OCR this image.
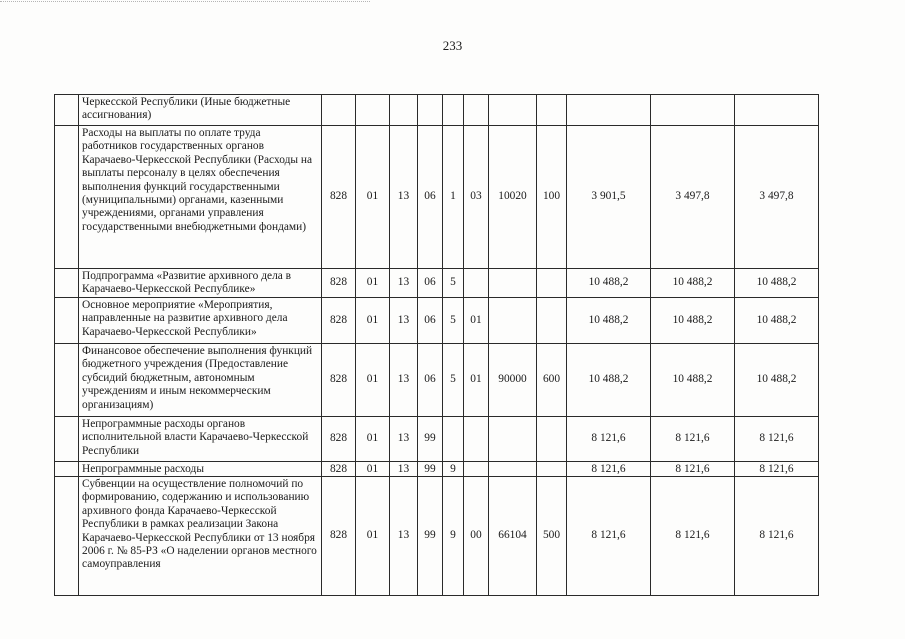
233
	Черкесской Республики (Иные бюджетные ассигнования)											
	Расходы на выплаты по оплате труда работников государственных органов Карачаево-Черкесской Республики (Расходы на выплаты персоналу в целях обеспечения выполнения функций государственными (муниципальными) органами, казенными учреждениями, органами управления государственными внебюджетными фондами)	828	01	13	06	1	03	10020	100	3 901,5	3 497,8	3 497,8
	Подпрограмма «Развитие архивного дела в Карачаево-Черкесской Республике»	828	01	13	06	5				10 488,2	10 488,2	10 488,2
	Основное мероприятие «Мероприятия, направленные на развитие архивного дела Карачаево-Черкесской Республики»	828	01	13	06	5	01			10 488,2	10 488,2	10 488,2
	Финансовое обеспечение выполнения функций бюджетного учреждения (Предоставление субсидий бюджетным, автономным учреждениям и иным некоммерческим организациям)	828	01	13	06	5	01	90000	600	10 488,2	10 488,2	10 488,2
	Непрограммные расходы органов исполнительной власти Карачаево-Черкесской Республики	828	01	13	99					8 121,6	8 121,6	8 121,6
	Непрограммные расходы	828	01	13	99	9				8 121,6	8 121,6	8 121,6
	Субвенции на осуществление полномочий по формированию, содержанию и использованию архивного фонда Карачаево-Черкесской Республики в рамках реализации Закона Карачаево-Черкесской Республики от 13 ноября 2006 г. № 85-РЗ «О наделении органов местного самоуправления	828	01	13	99	9	00	66104	500	8 121,6	8 121,6	8 121,6
